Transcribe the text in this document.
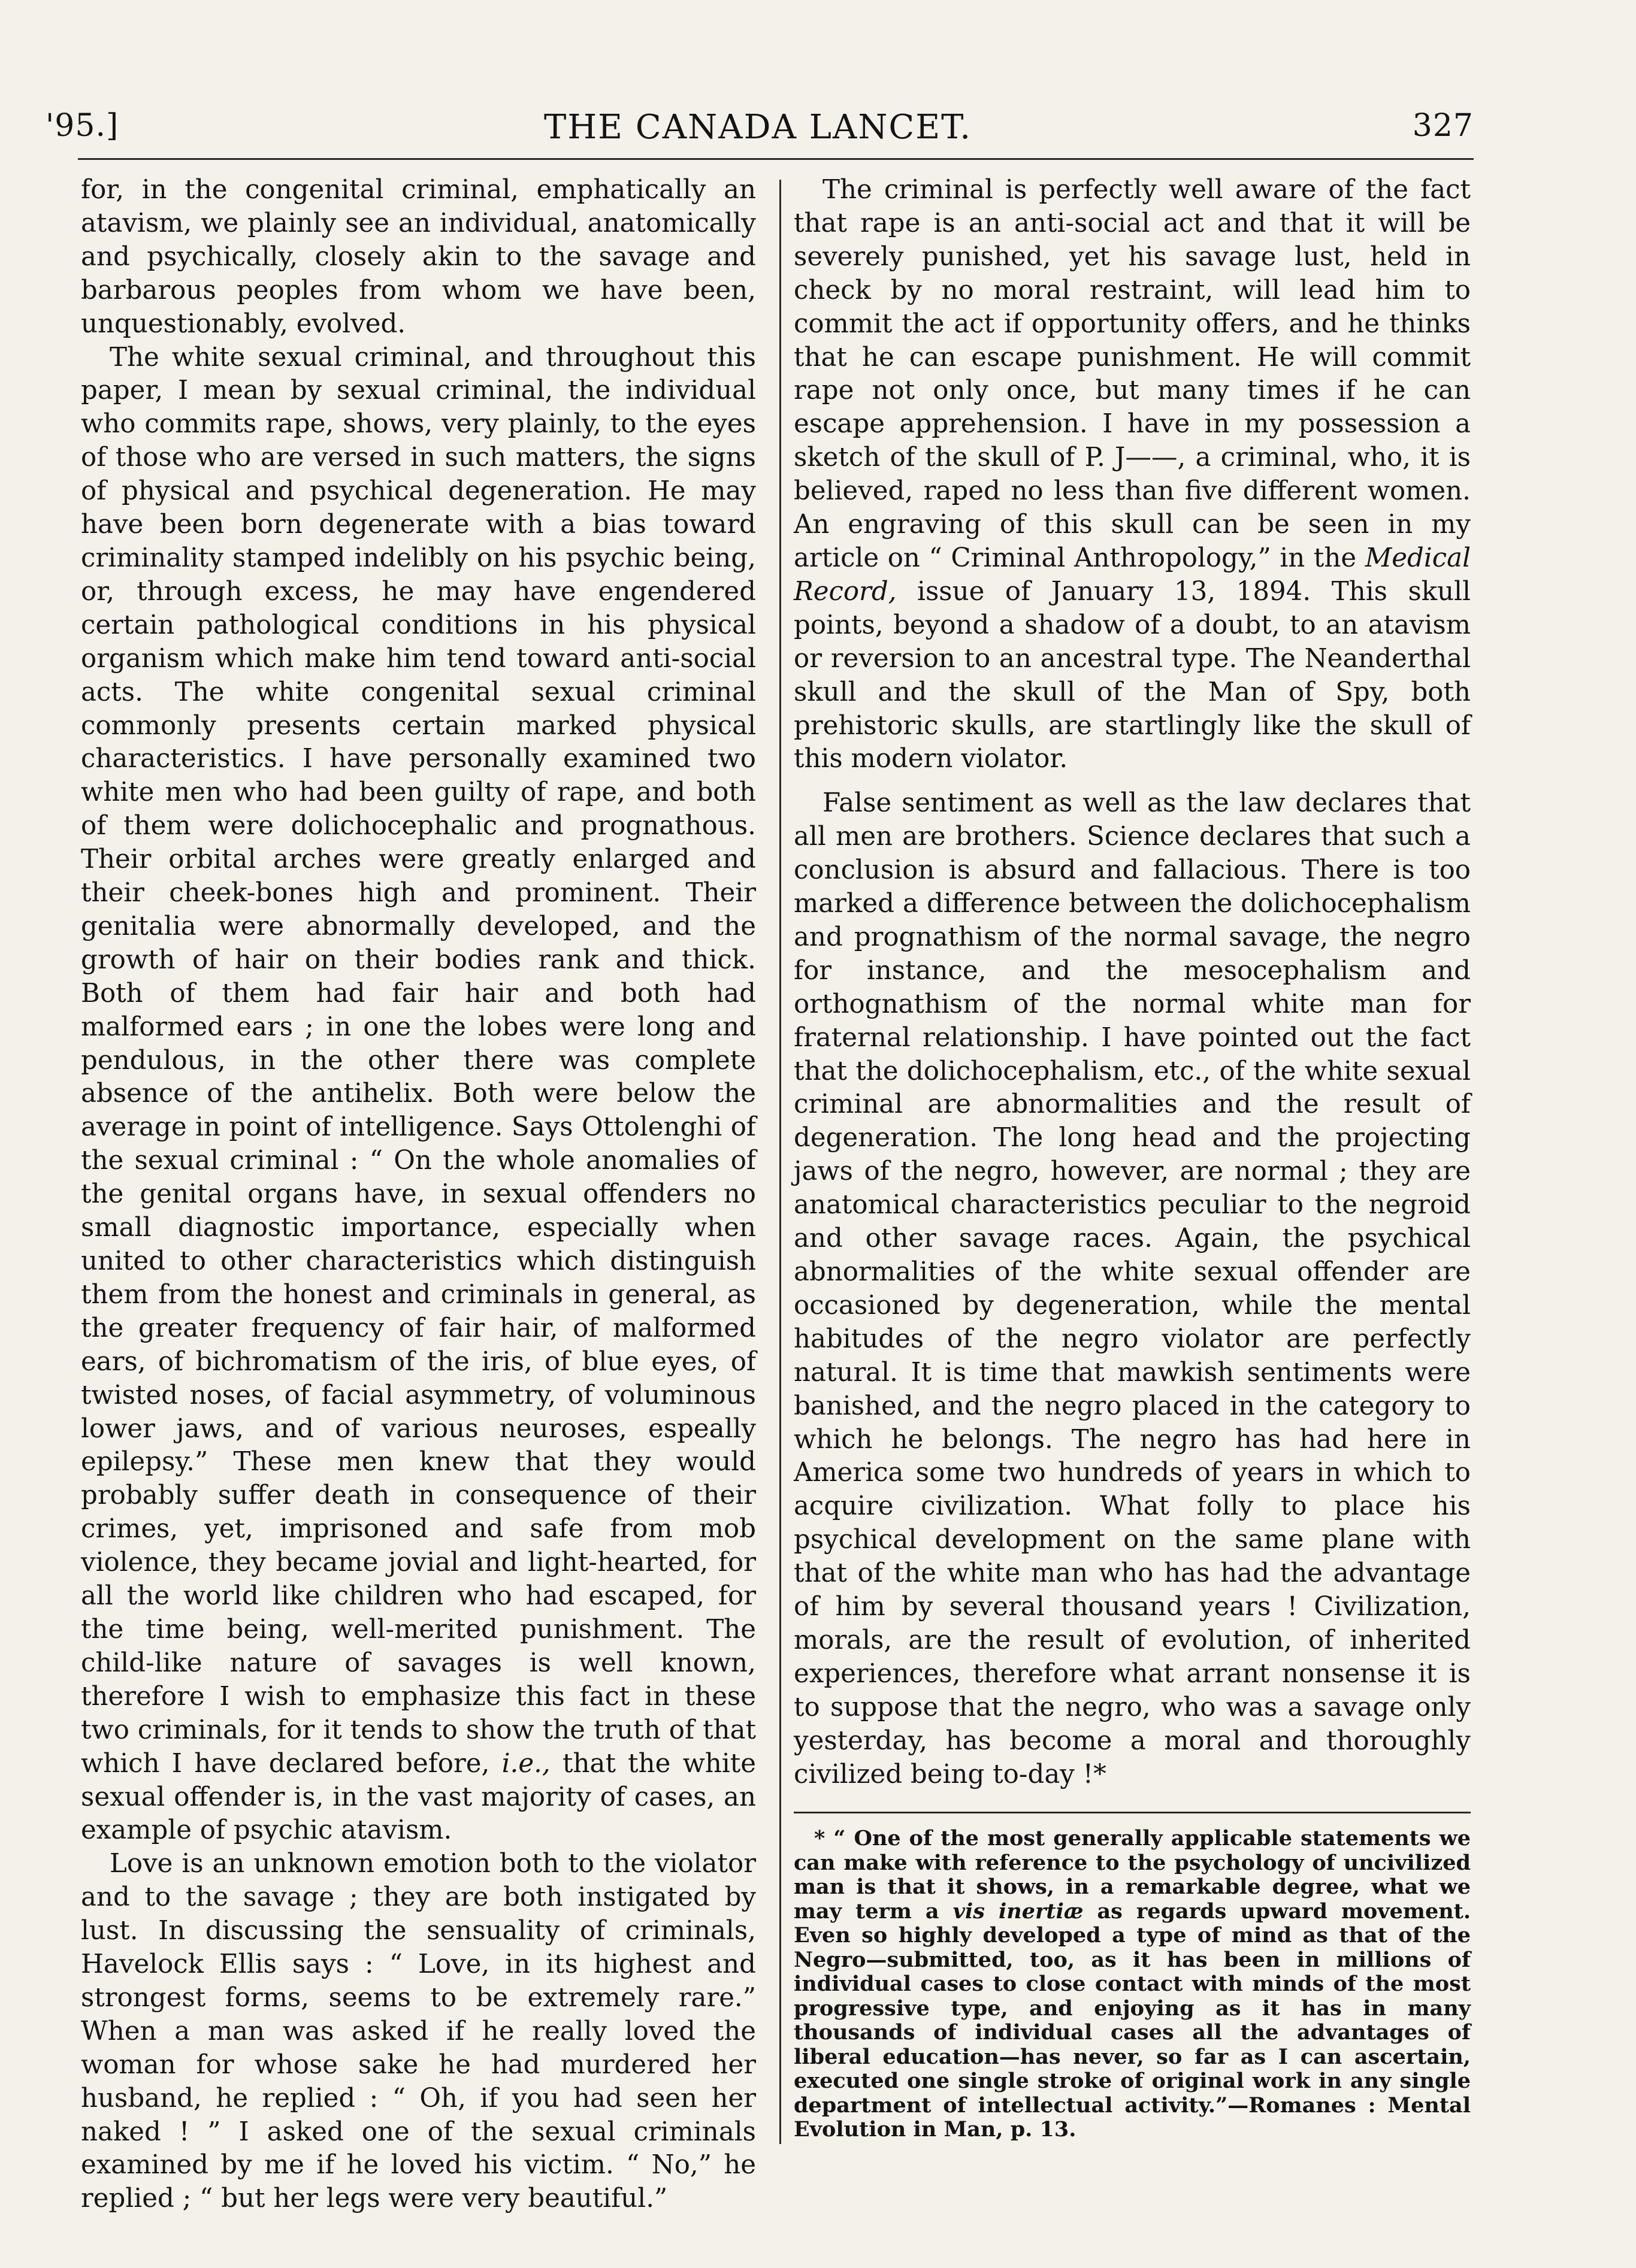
'95.]	THE CANADA LANCET.	327

for, in the congenital criminal, emphatically an atavism, we plainly see an individual, anatomically and psychically, closely akin to the savage and barbarous peoples from whom we have been, unquestionably, evolved.

The white sexual criminal, and throughout this paper, I mean by sexual criminal, the individual who commits rape, shows, very plainly, to the eyes of those who are versed in such matters, the signs of physical and psychical degeneration. He may have been born degenerate with a bias toward criminality stamped indelibly on his psychic being, or, through excess, he may have engendered certain pathological conditions in his physical organism which make him tend toward anti-social acts. The white congenital sexual criminal commonly presents certain marked physical characteristics. I have personally examined two white men who had been guilty of rape, and both of them were dolichocephalic and prognathous. Their orbital arches were greatly enlarged and their cheek-bones high and prominent. Their genitalia were abnormally developed, and the growth of hair on their bodies rank and thick. Both of them had fair hair and both had malformed ears ; in one the lobes were long and pendulous, in the other there was complete absence of the antihelix. Both were below the average in point of intelligence. Says Ottolenghi of the sexual criminal : “ On the whole anomalies of the genital organs have, in sexual offenders no small diagnostic importance, especially when united to other characteristics which distinguish them from the honest and criminals in general, as the greater frequency of fair hair, of malformed ears, of bichromatism of the iris, of blue eyes, of twisted noses, of facial asymmetry, of voluminous lower jaws, and of various neuroses, espeally epilepsy.” These men knew that they would probably suffer death in consequence of their crimes, yet, imprisoned and safe from mob violence, they became jovial and light-hearted, for all the world like children who had escaped, for the time being, well-merited punishment. The child-like nature of savages is well known, therefore I wish to emphasize this fact in these two criminals, for it tends to show the truth of that which I have declared before, i.e., that the white sexual offender is, in the vast majority of cases, an example of psychic atavism.

Love is an unknown emotion both to the violator and to the savage ; they are both instigated by lust. In discussing the sensuality of criminals, Havelock Ellis says : “ Love, in its highest and strongest forms, seems to be extremely rare.” When a man was asked if he really loved the woman for whose sake he had murdered her husband, he replied : “ Oh, if you had seen her naked ! ” I asked one of the sexual criminals examined by me if he loved his victim. “ No,” he replied ; “ but her legs were very beautiful.”

The criminal is perfectly well aware of the fact that rape is an anti-social act and that it will be severely punished, yet his savage lust, held in check by no moral restraint, will lead him to commit the act if opportunity offers, and he thinks that he can escape punishment. He will commit rape not only once, but many times if he can escape apprehension. I have in my possession a sketch of the skull of P. J——, a criminal, who, it is believed, raped no less than five different women. An engraving of this skull can be seen in my article on “ Criminal Anthropology,” in the Medical Record, issue of January 13, 1894. This skull points, beyond a shadow of a doubt, to an atavism or reversion to an ancestral type. The Neanderthal skull and the skull of the Man of Spy, both prehistoric skulls, are startlingly like the skull of this modern violator.

False sentiment as well as the law declares that all men are brothers. Science declares that such a conclusion is absurd and fallacious. There is too marked a difference between the dolichocephalism and prognathism of the normal savage, the negro for instance, and the mesocephalism and orthognathism of the normal white man for fraternal relationship. I have pointed out the fact that the dolichocephalism, etc., of the white sexual criminal are abnormalities and the result of degeneration. The long head and the projecting jaws of the negro, however, are normal ; they are anatomical characteristics peculiar to the negroid and other savage races. Again, the psychical abnormalities of the white sexual offender are occasioned by degeneration, while the mental habitudes of the negro violator are perfectly natural. It is time that mawkish sentiments were banished, and the negro placed in the category to which he belongs. The negro has had here in America some two hundreds of years in which to acquire civilization. What folly to place his psychical development on the same plane with that of the white man who has had the advantage of him by several thousand years ! Civilization, morals, are the result of evolution, of inherited experiences, therefore what arrant nonsense it is to suppose that the negro, who was a savage only yesterday, has become a moral and thoroughly civilized being to-day !*

* “ One of the most generally applicable statements we can make with reference to the psychology of uncivilized man is that it shows, in a remarkable degree, what we may term a vis inertiæ as regards upward movement. Even so highly developed a type of mind as that of the Negro—submitted, too, as it has been in millions of individual cases to close contact with minds of the most progressive type, and enjoying as it has in many thousands of individual cases all the advantages of liberal education—has never, so far as I can ascertain, executed one single stroke of original work in any single department of intellectual activity.”—Romanes : Mental Evolution in Man, p. 13.
